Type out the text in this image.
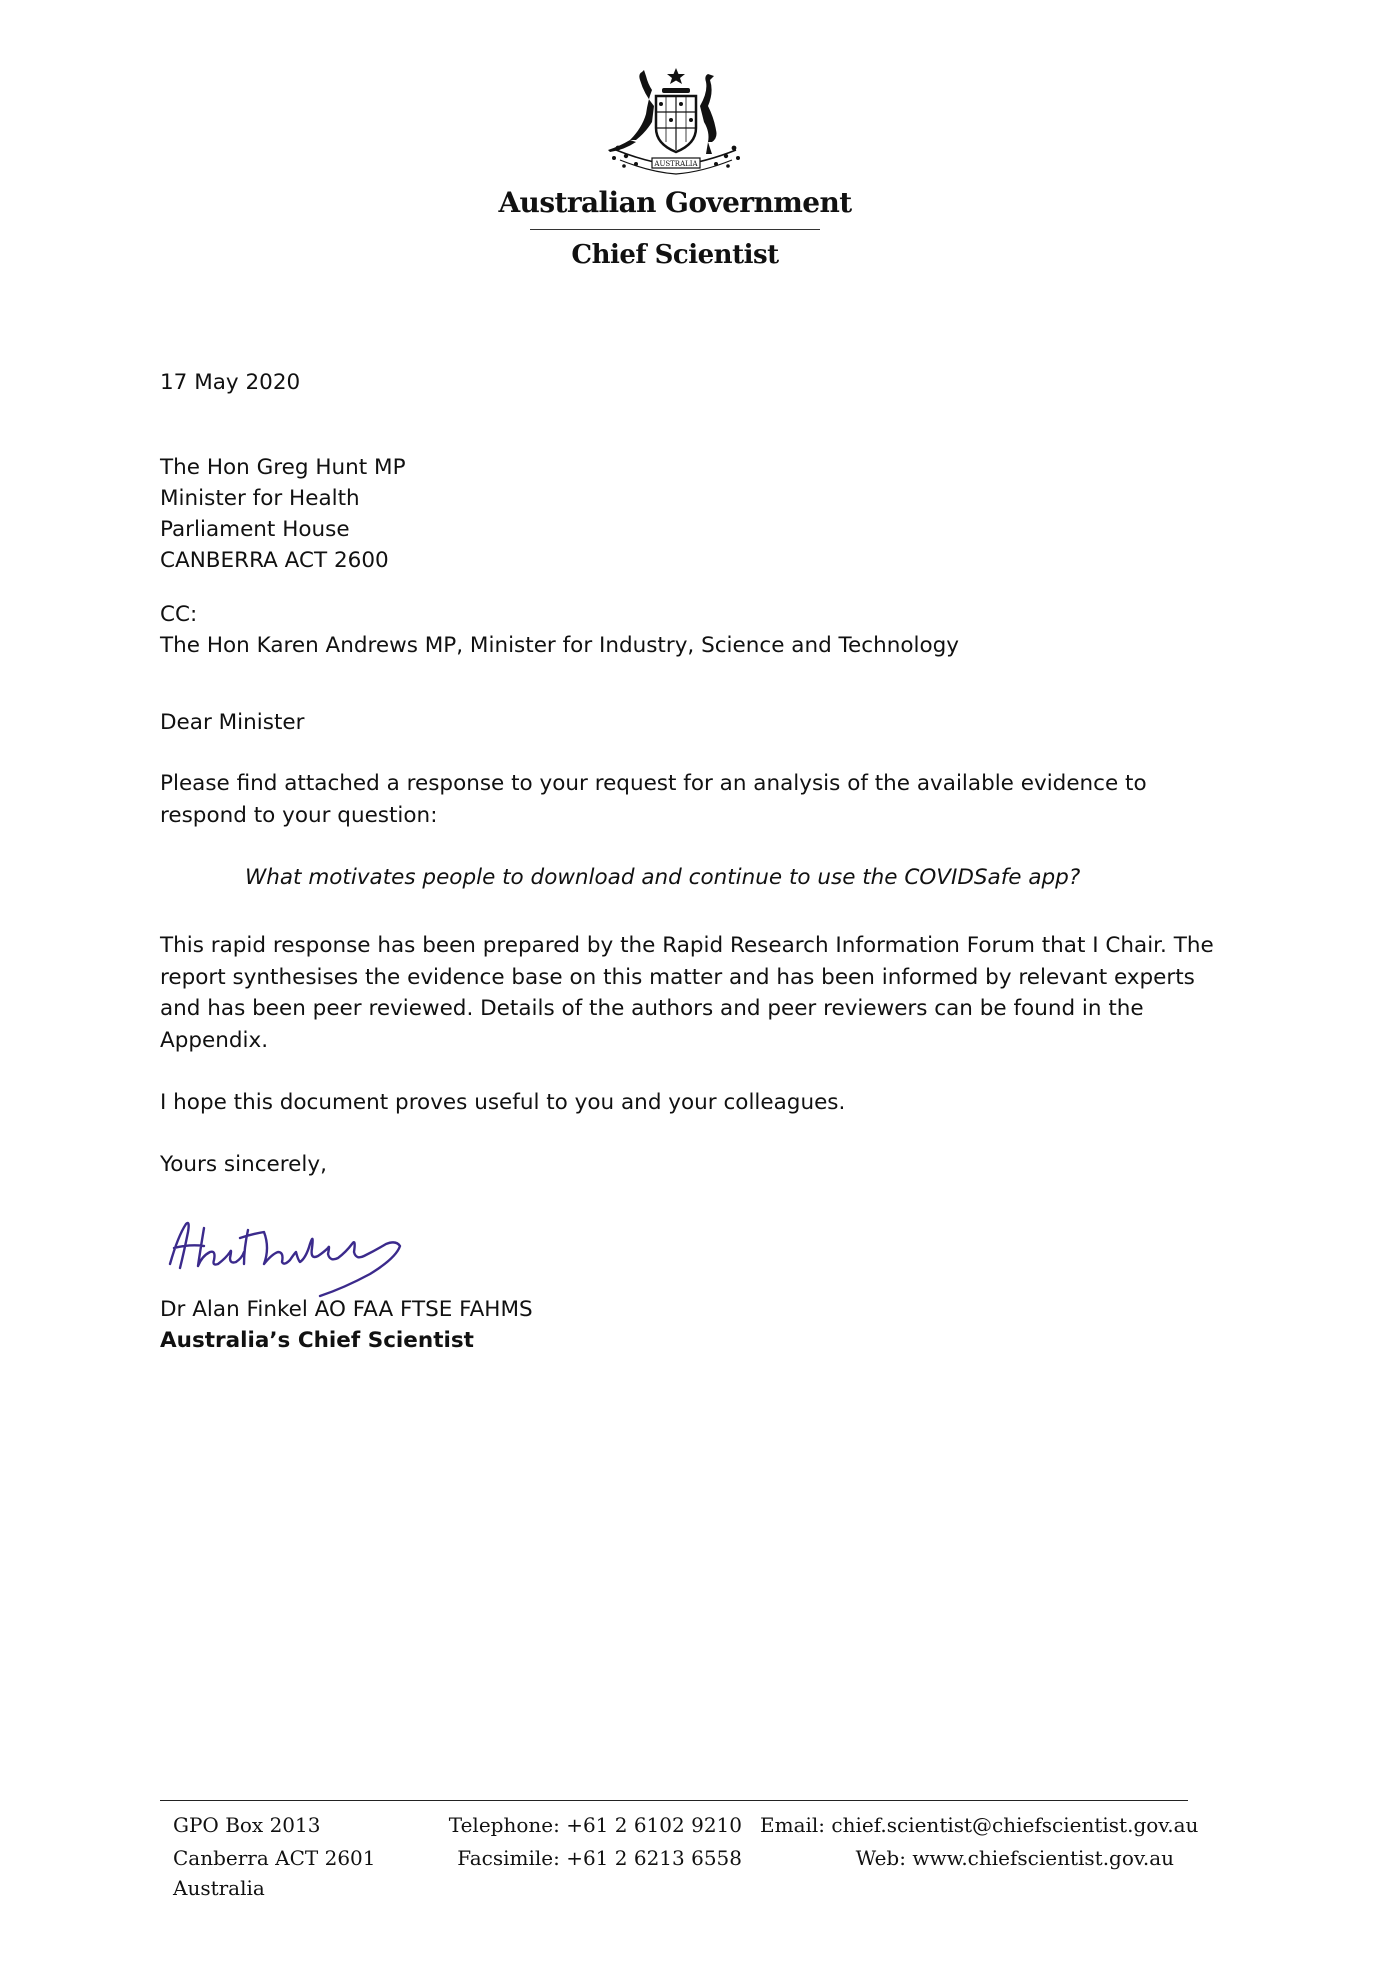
AUSTRALIA
Australian Government
Chief Scientist
17 May 2020
The Hon Greg Hunt MP
Minister for Health
Parliament House
CANBERRA ACT 2600
CC:
The Hon Karen Andrews MP, Minister for Industry, Science and Technology
Dear Minister
Please find attached a response to your request for an analysis of the available evidence to
respond to your question:
What motivates people to download and continue to use the COVIDSafe app?
This rapid response has been prepared by the Rapid Research Information Forum that I Chair. The
report synthesises the evidence base on this matter and has been informed by relevant experts
and has been peer reviewed. Details of the authors and peer reviewers can be found in the
Appendix.
I hope this document proves useful to you and your colleagues.
Yours sincerely,
Dr Alan Finkel AO FAA FTSE FAHMS
Australia’s Chief Scientist
GPO Box 2013
Canberra ACT 2601
Australia
Telephone: +61 2 6102 9210
Facsimile: +61 2 6213 6558
Email: chief.scientist@chiefscientist.gov.au
Web: www.chiefscientist.gov.au
